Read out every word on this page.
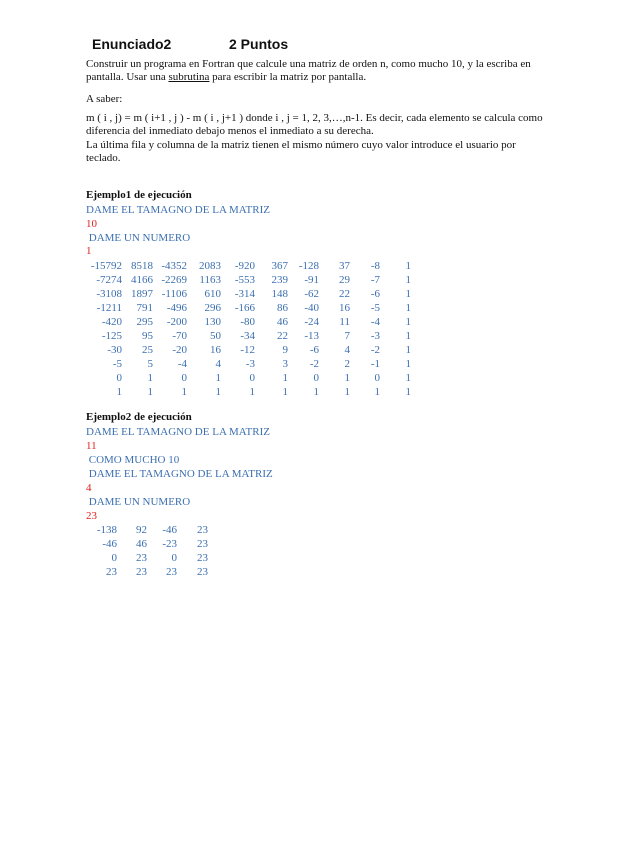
Enunciado2	2 Puntos
Construir un programa en Fortran que calcule una matriz de orden n, como mucho 10, y la escriba en pantalla. Usar una subrutina para escribir la matriz por pantalla.
A saber:
m ( i , j) = m ( i+1 , j ) - m ( i , j+1 ) donde i , j = 1, 2, 3,…,n-1. Es decir, cada elemento se calcula como diferencia del inmediato debajo menos el inmediato a su derecha.
La última fila y columna de la matriz tienen el mismo número cuyo valor introduce el usuario por teclado.
Ejemplo1 de ejecución
DAME EL TAMAGNO DE LA MATRIZ
10
DAME UN NUMERO
1
-15792	8518	-4352	2083	-920	367	-128	37	-8	1
-7274	4166	-2269	1163	-553	239	-91	29	-7	1
-3108	1897	-1106	610	-314	148	-62	22	-6	1
-1211	791	-496	296	-166	86	-40	16	-5	1
-420	295	-200	130	-80	46	-24	11	-4	1
-125	95	-70	50	-34	22	-13	7	-3	1
-30	25	-20	16	-12	9	-6	4	-2	1
-5	5	-4	4	-3	3	-2	2	-1	1
0	1	0	1	0	1	0	1	0	1
1	1	1	1	1	1	1	1	1	1
Ejemplo2 de ejecución
DAME EL TAMAGNO DE LA MATRIZ
11
COMO MUCHO 10
DAME EL TAMAGNO DE LA MATRIZ
4
DAME UN NUMERO
23
-138	92	-46	23
-46	46	-23	23
0	23	0	23
23	23	23	23
